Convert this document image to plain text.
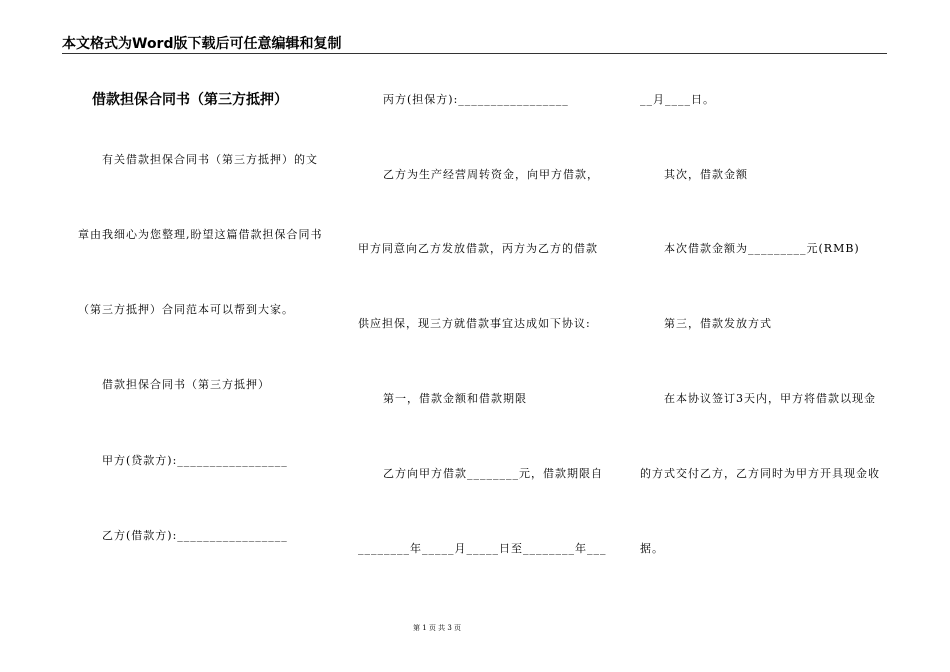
本文格式为Word版下载后可任意编辑和复制
借款担保合同书（第三方抵押）
有关借款担保合同书（第三方抵押）的文
章由我细心为您整理,盼望这篇借款担保合同书
（第三方抵押）合同范本可以帮到大家。
借款担保合同书（第三方抵押）
甲方(贷款方):_________________
乙方(借款方):_________________
丙方(担保方):_________________
乙方为生产经营周转资金，向甲方借款，
甲方同意向乙方发放借款，丙方为乙方的借款
供应担保，现三方就借款事宜达成如下协议:
第一，借款金额和借款期限
乙方向甲方借款________元，借款期限自
________年_____月_____日至________年___
__月____日。
其次，借款金额
本次借款金额为_________元(RMB)
第三，借款发放方式
在本协议签订3天内，甲方将借款以现金
的方式交付乙方，乙方同时为甲方开具现金收
据。
第 1 页 共 3 页
